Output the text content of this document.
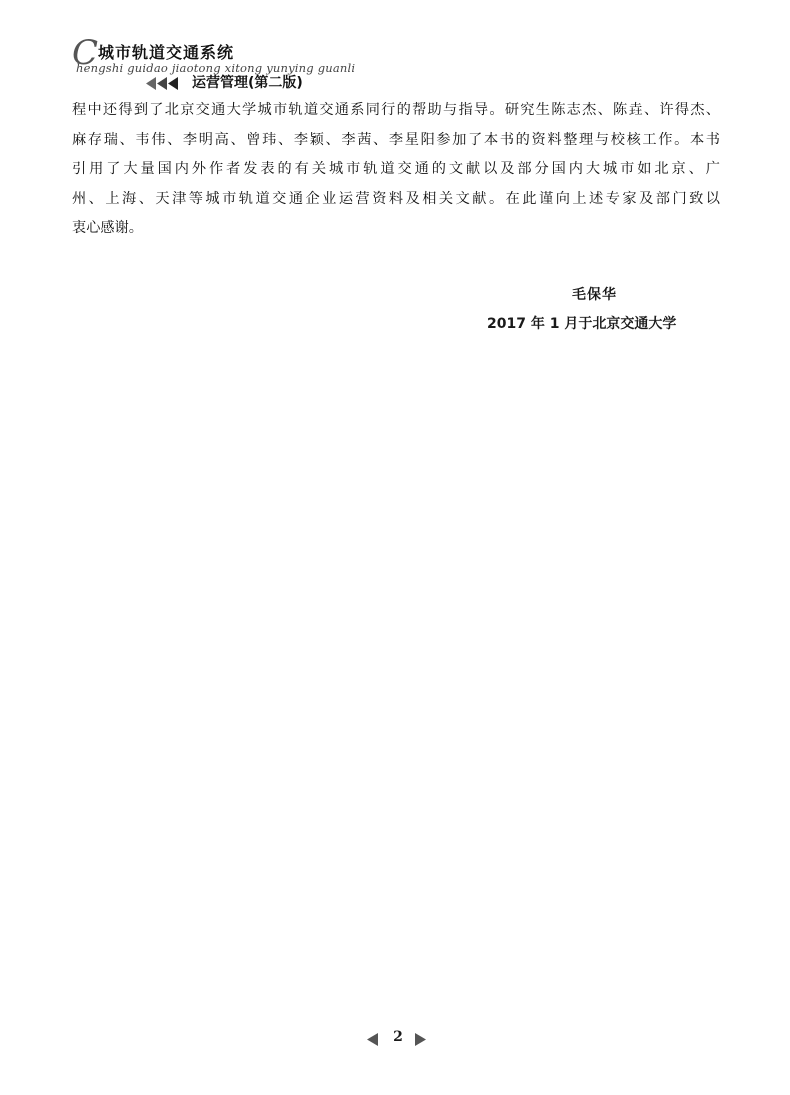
C 城市轨道交通系统
hengshi guidao jiaotong xitong yunying guanli
运营管理(第二版)
程中还得到了北京交通大学城市轨道交通系同行的帮助与指导。研究生陈志杰、陈垚、许得杰、
麻存瑞、韦伟、李明高、曾玮、李颖、李茜、李星阳参加了本书的资料整理与校核工作。本书
引用了大量国内外作者发表的有关城市轨道交通的文献以及部分国内大城市如北京、广
州、上海、天津等城市轨道交通企业运营资料及相关文献。在此谨向上述专家及部门致以
衷心感谢。
毛保华
2017 年 1 月于北京交通大学
2
